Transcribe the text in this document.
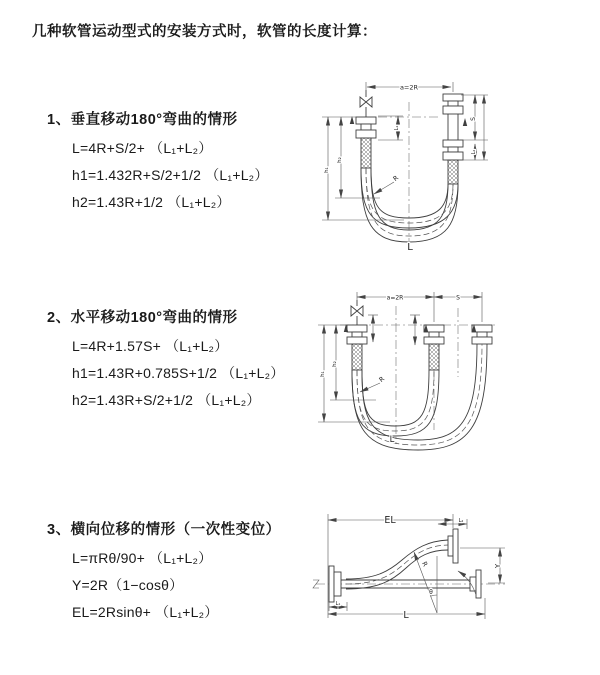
几种软管运动型式的安装方式时，软管的长度计算：
1、垂直移动180°弯曲的情形
L=4R+S/2+ （L₁+L₂）
h1=1.432R+S/2+1/2 （L₁+L₂）
h2=1.43R+1/2 （L₁+L₂）
a=2R
S
L₂
h₁
h₂
L₁
R
L
2、水平移动180°弯曲的情形
L=4R+1.57S+ （L₁+L₂）
h1=1.43R+0.785S+1/2 （L₁+L₂）
h2=1.43R+S/2+1/2 （L₁+L₂）
a=2R	S
h₁
h₂
R
L
3、横向位移的情形（一次性变位）
L=πRθ/90+ （L₁+L₂）
Y=2R（1−cosθ）
EL=2Rsinθ+ （L₁+L₂）
R
θ
EL	L₂
Y
L₁
L
